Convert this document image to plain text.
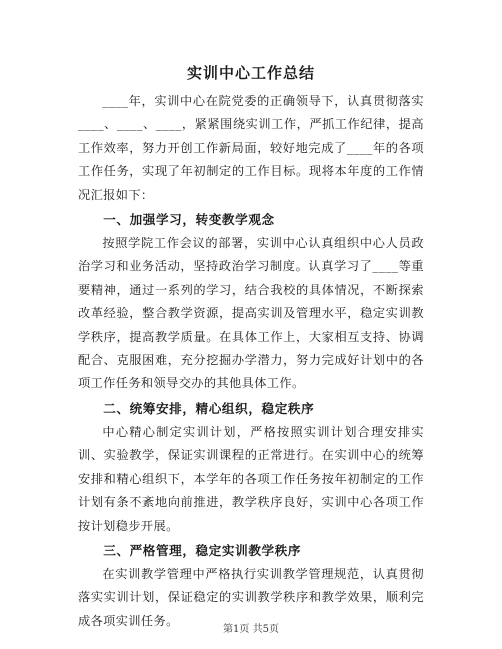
实训中心工作总结

____年，实训中心在院党委的正确领导下，认真贯彻落实____、____、____，紧紧围绕实训工作，严抓工作纪律，提高工作效率，努力开创工作新局面，较好地完成了____年的各项工作任务，实现了年初制定的工作目标。现将本年度的工作情况汇报如下：

一、加强学习，转变教学观念

按照学院工作会议的部署，实训中心认真组织中心人员政治学习和业务活动，坚持政治学习制度。认真学习了____等重要精神，通过一系列的学习，结合我校的具体情况，不断探索改革经验，整合教学资源，提高实训及管理水平，稳定实训教学秩序，提高教学质量。在具体工作上，大家相互支持、协调配合、克服困难，充分挖掘办学潜力，努力完成好计划中的各项工作任务和领导交办的其他具体工作。

二、统筹安排，精心组织，稳定秩序

中心精心制定实训计划，严格按照实训计划合理安排实训、实验教学，保证实训课程的正常进行。在实训中心的统筹安排和精心组织下，本学年的各项工作任务按年初制定的工作计划有条不紊地向前推进，教学秩序良好，实训中心各项工作按计划稳步开展。

三、严格管理，稳定实训教学秩序

在实训教学管理中严格执行实训教学管理规范，认真贯彻落实实训计划，保证稳定的实训教学秩序和教学效果，顺利完成各项实训任务。

第1页 共5页
